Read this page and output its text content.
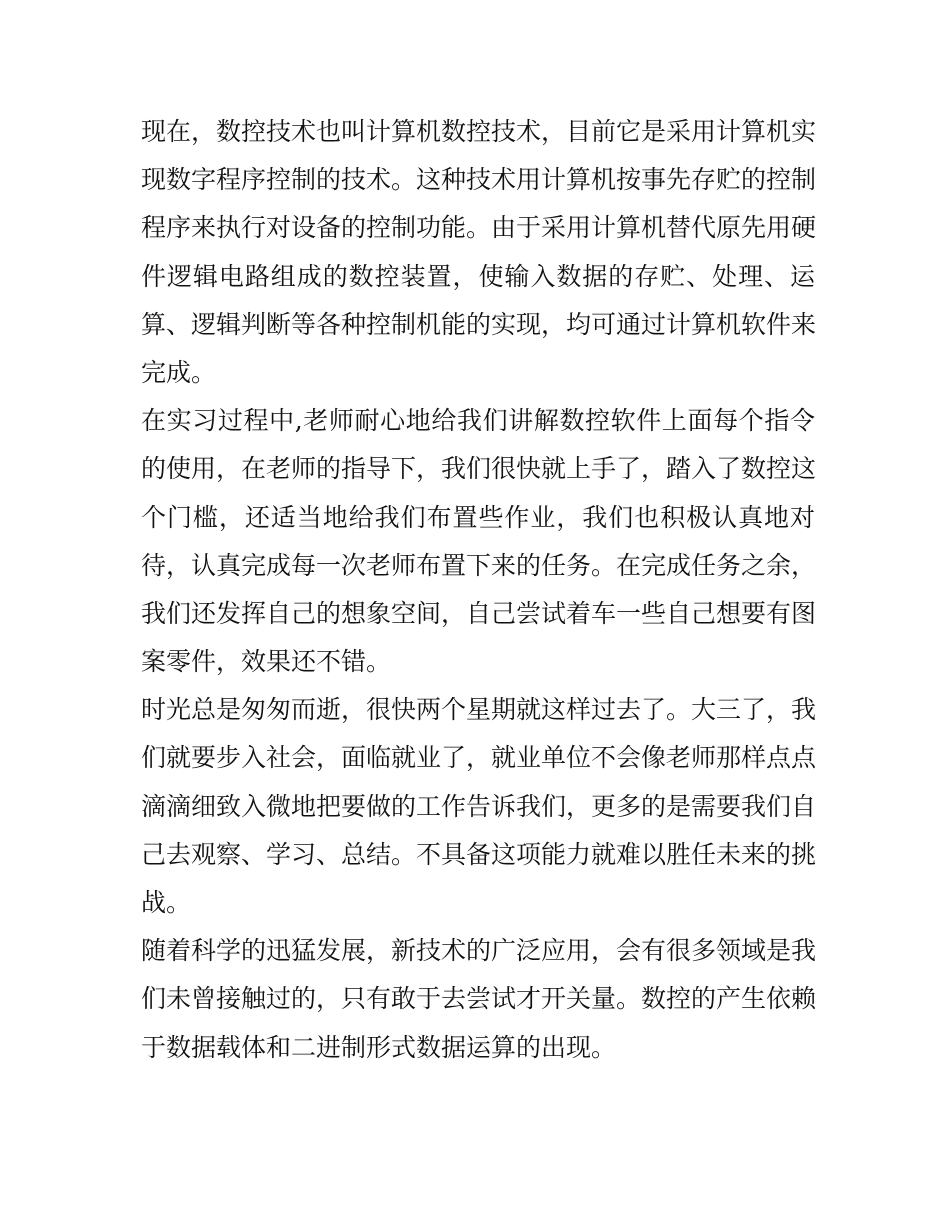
现在，数控技术也叫计算机数控技术，目前它是采用计算机实
现数字程序控制的技术。这种技术用计算机按事先存贮的控制
程序来执行对设备的控制功能。由于采用计算机替代原先用硬
件逻辑电路组成的数控装置，使输入数据的存贮、处理、运
算、逻辑判断等各种控制机能的实现，均可通过计算机软件来
完成。
在实习过程中,老师耐心地给我们讲解数控软件上面每个指令
的使用，在老师的指导下，我们很快就上手了，踏入了数控这
个门槛，还适当地给我们布置些作业，我们也积极认真地对
待，认真完成每一次老师布置下来的任务。在完成任务之余，
我们还发挥自己的想象空间，自己尝试着车一些自己想要有图
案零件，效果还不错。
时光总是匆匆而逝，很快两个星期就这样过去了。大三了，我
们就要步入社会，面临就业了，就业单位不会像老师那样点点
滴滴细致入微地把要做的工作告诉我们，更多的是需要我们自
己去观察、学习、总结。不具备这项能力就难以胜任未来的挑
战。
随着科学的迅猛发展，新技术的广泛应用，会有很多领域是我
们未曾接触过的，只有敢于去尝试才开关量。数控的产生依赖
于数据载体和二进制形式数据运算的出现。
